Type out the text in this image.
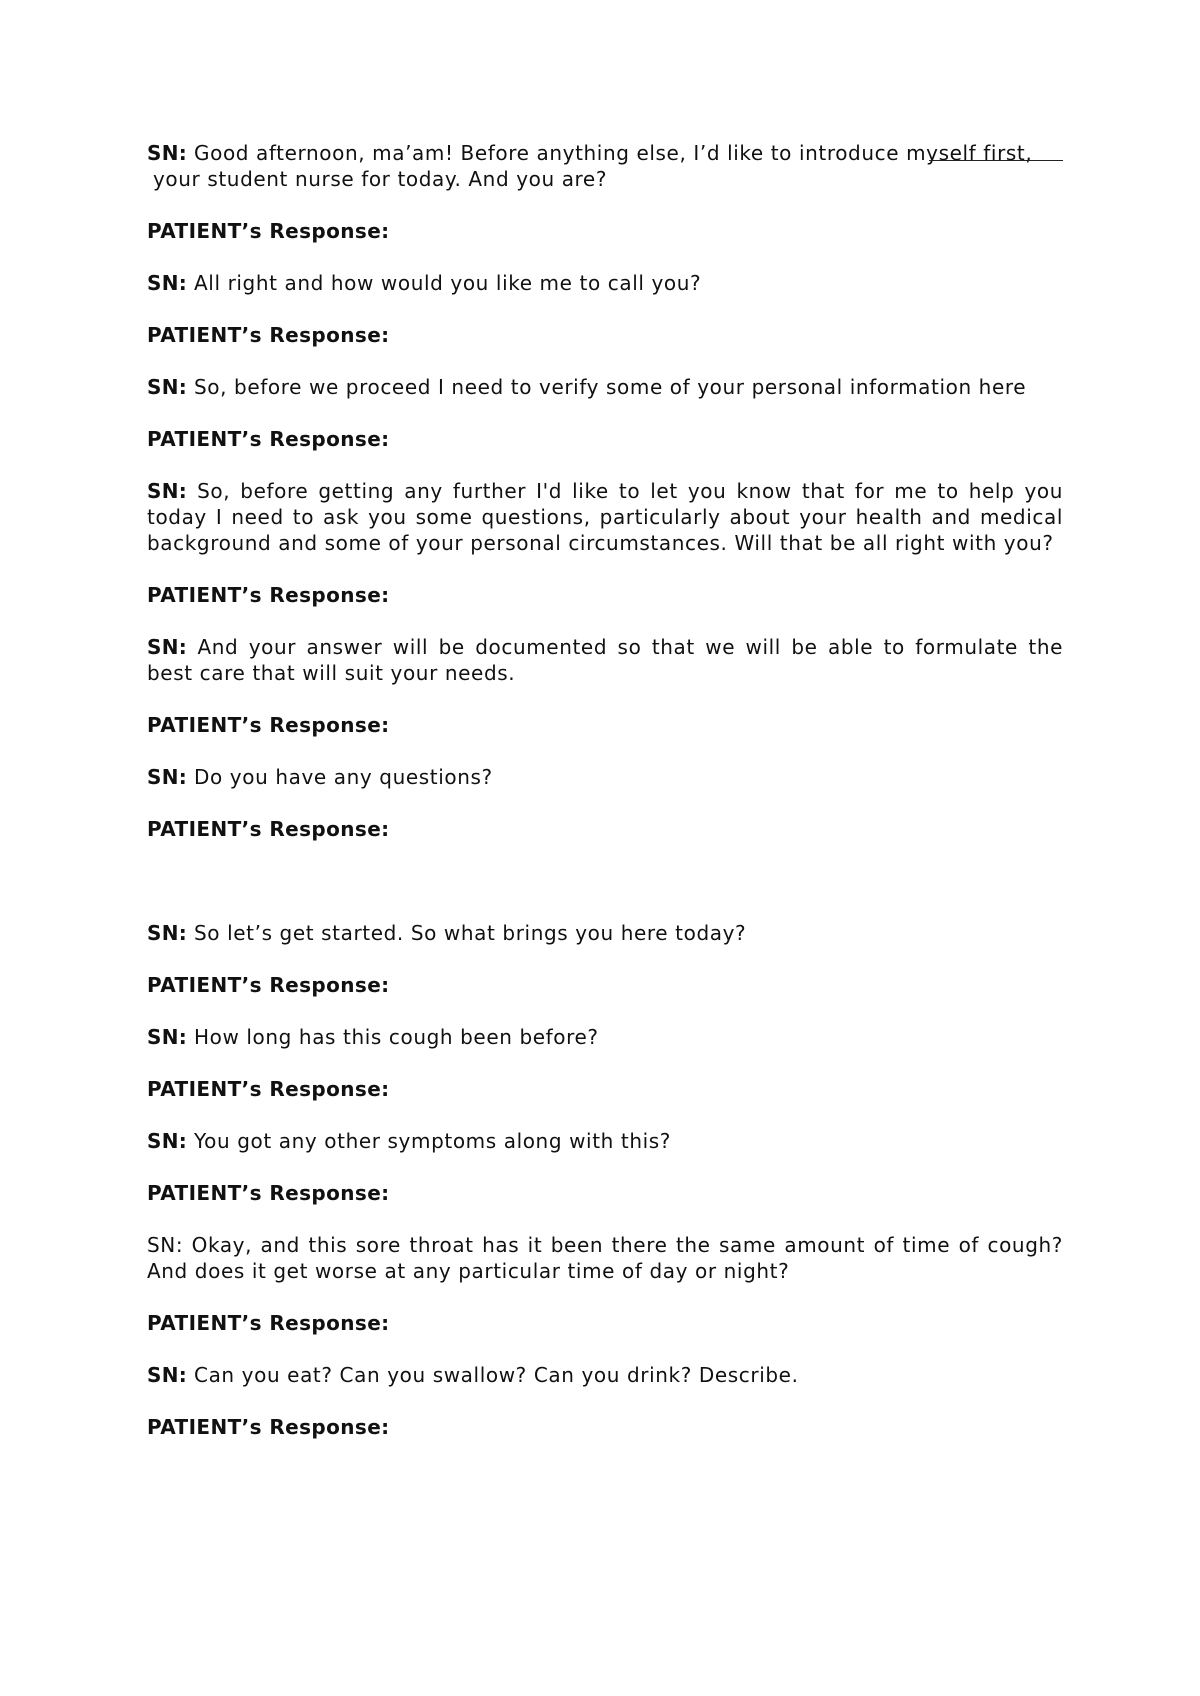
SN: Good afternoon, ma’am! Before anything else, I’d like to introduce myself first,
your student nurse for today. And you are?
PATIENT’s Response:
SN: All right and how would you like me to call you?
PATIENT’s Response:
SN: So, before we proceed I need to verify some of your personal information here
PATIENT’s Response:
SN: So, before getting any further I'd like to let you know that for me to help you today I need to ask you some questions, particularly about your health and medical background and some of your personal circumstances. Will that be all right with you?
PATIENT’s Response:
SN: And your answer will be documented so that we will be able to formulate the best care that will suit your needs.
PATIENT’s Response:
SN: Do you have any questions?
PATIENT’s Response:
SN: So let’s get started. So what brings you here today?
PATIENT’s Response:
SN: How long has this cough been before?
PATIENT’s Response:
SN: You got any other symptoms along with this?
PATIENT’s Response:
SN: Okay, and this sore throat has it been there the same amount of time of cough? And does it get worse at any particular time of day or night?
PATIENT’s Response:
SN: Can you eat? Can you swallow? Can you drink? Describe.
PATIENT’s Response:
